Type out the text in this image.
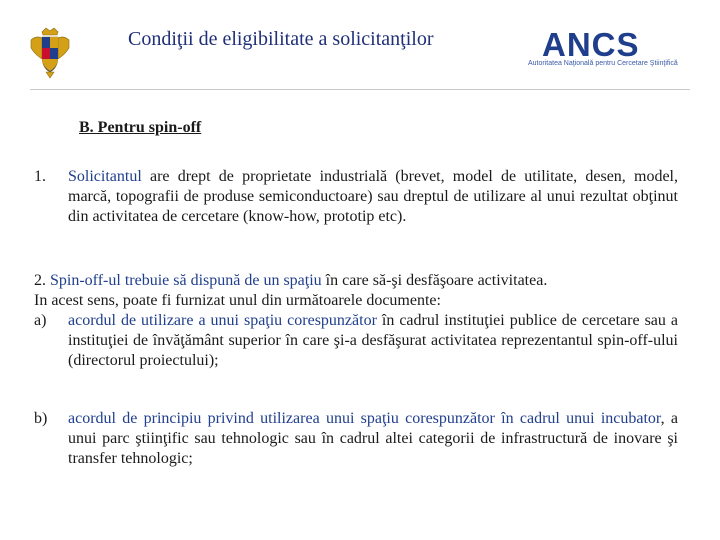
Condiţii de eligibilitate a solicitanţilor	ANCS
Autoritatea Naţională pentru Cercetare Ştiinţifică
B. Pentru spin-off
1. Solicitantul are drept de proprietate industrială (brevet, model de utilitate, desen, model, marcă, topografii de produse semiconductoare) sau dreptul de utilizare al unui rezultat obţinut din activitatea de cercetare (know-how, prototip etc).
2. Spin-off-ul trebuie să dispună de un spaţiu în care să-şi desfăşoare activitatea.
In acest sens, poate fi furnizat unul din următoarele documente:
a) acordul de utilizare a unui spaţiu corespunzător în cadrul instituţiei publice de cercetare sau a instituţiei de învăţământ superior în care şi-a desfăşurat activitatea reprezentantul spin-off-ului (directorul proiectului);
b) acordul de principiu privind utilizarea unui spaţiu corespunzător în cadrul unui incubator, a unui parc ştiinţific sau tehnologic sau în cadrul altei categorii de infrastructură de inovare şi transfer tehnologic;
